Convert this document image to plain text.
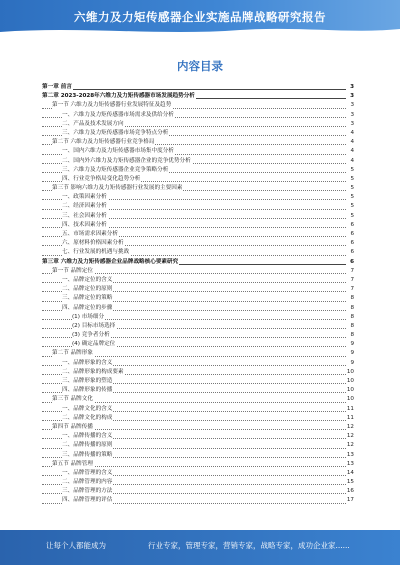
六维力及力矩传感器企业实施品牌战略研究报告
内容目录
第一章 前言	3
第二章 2023-2028年六维力及力矩传感器市场发展趋势分析	3
第一节 六维力及力矩传感器行业发展特征及趋势	3
一、六维力及力矩传感器市场需求及供给分析	3
二、产品及技术发展方向	3
三、六维力及力矩传感器市场竞争特点分析	4
第二节 六维力及力矩传感器行业竞争格局	4
一、国内六维力及力矩传感器市场集中度分析	4
二、国内外六维力及力矩传感器企业的竞争优势分析	4
三、六维力及力矩传感器企业竞争策略分析	5
四、行业竞争格局变化趋势分析	5
第三节 影响六维力及力矩传感器行业发展的主要因素	5
一、政策因素分析	5
二、经济因素分析	5
三、社会因素分析	5
四、技术因素分析	6
五、市场需求因素分析	6
六、原材料价格因素分析	6
七、行业发展的机遇与挑战	6
第三章 六维力及力矩传感器企业品牌战略核心要素研究	6
第一节 品牌定位	7
一、品牌定位的含义	7
二、品牌定位的原则	7
三、品牌定位的策略	8
四、品牌定位的步骤	8
(1) 市场细分	8
(2) 目标市场选择	8
(3) 竞争者分析	8
(4) 确定品牌定位	9
第二节 品牌形象	9
一、品牌形象的含义	9
二、品牌形象的构成要素	10
三、品牌形象的塑造	10
四、品牌形象的传播	10
第三节 品牌文化	10
一、品牌文化的含义	11
二、品牌文化的构成	11
第四节 品牌传播	12
一、品牌传播的含义	12
二、品牌传播的原则	12
三、品牌传播的策略	13
第五节 品牌管理	13
一、品牌管理的含义	14
二、品牌管理的内容	15
三、品牌管理的方法	16
四、品牌管理的评估	17
让每个人都能成为	行业专家，管理专家，营销专家，战略专家，成功企业家......
